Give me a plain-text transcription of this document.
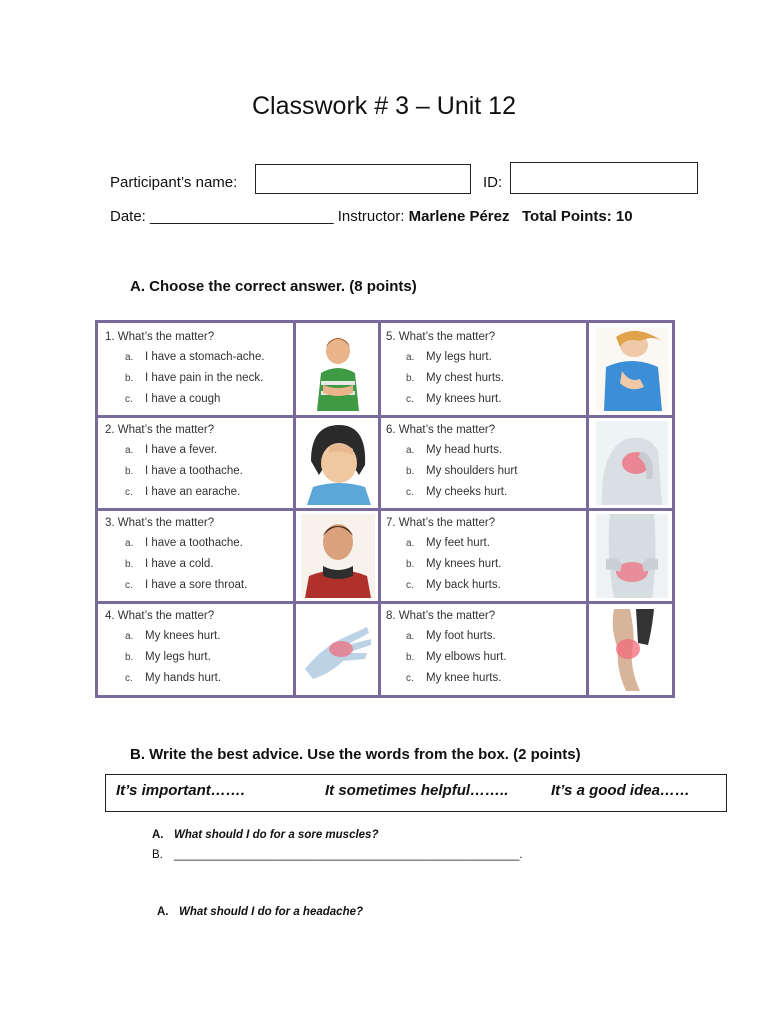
Classwork # 3 – Unit 12
Participant’s name:	ID:
Date: ______________________ Instructor: Marlene Pérez Total Points: 10
A. Choose the correct answer. (8 points)
1. What’s the matter?
a. I have a stomach-ache.
b. I have pain in the neck.
c. I have a cough
5. What’s the matter?
a. My legs hurt.
b. My chest hurts.
c. My knees hurt.
2. What’s the matter?
a. I have a fever.
b. I have a toothache.
c. I have an earache.
6. What’s the matter?
a. My head hurts.
b. My shoulders hurt
c. My cheeks hurt.
3. What’s the matter?
a. I have a toothache.
b. I have a cold.
c. I have a sore throat.
7. What’s the matter?
a. My feet hurt.
b. My knees hurt.
c. My back hurts.
4. What’s the matter?
a. My knees hurt.
b. My legs hurt.
c. My hands hurt.
8. What’s the matter?
a. My foot hurts.
b. My elbows hurt.
c. My knee hurts.
B. Write the best advice. Use the words from the box. (2 points)
It’s important…….	It sometimes helpful……..	It’s a good idea……
A. What should I do for a sore muscles?
B. ______________________________________________________.
A. What should I do for a headache?
